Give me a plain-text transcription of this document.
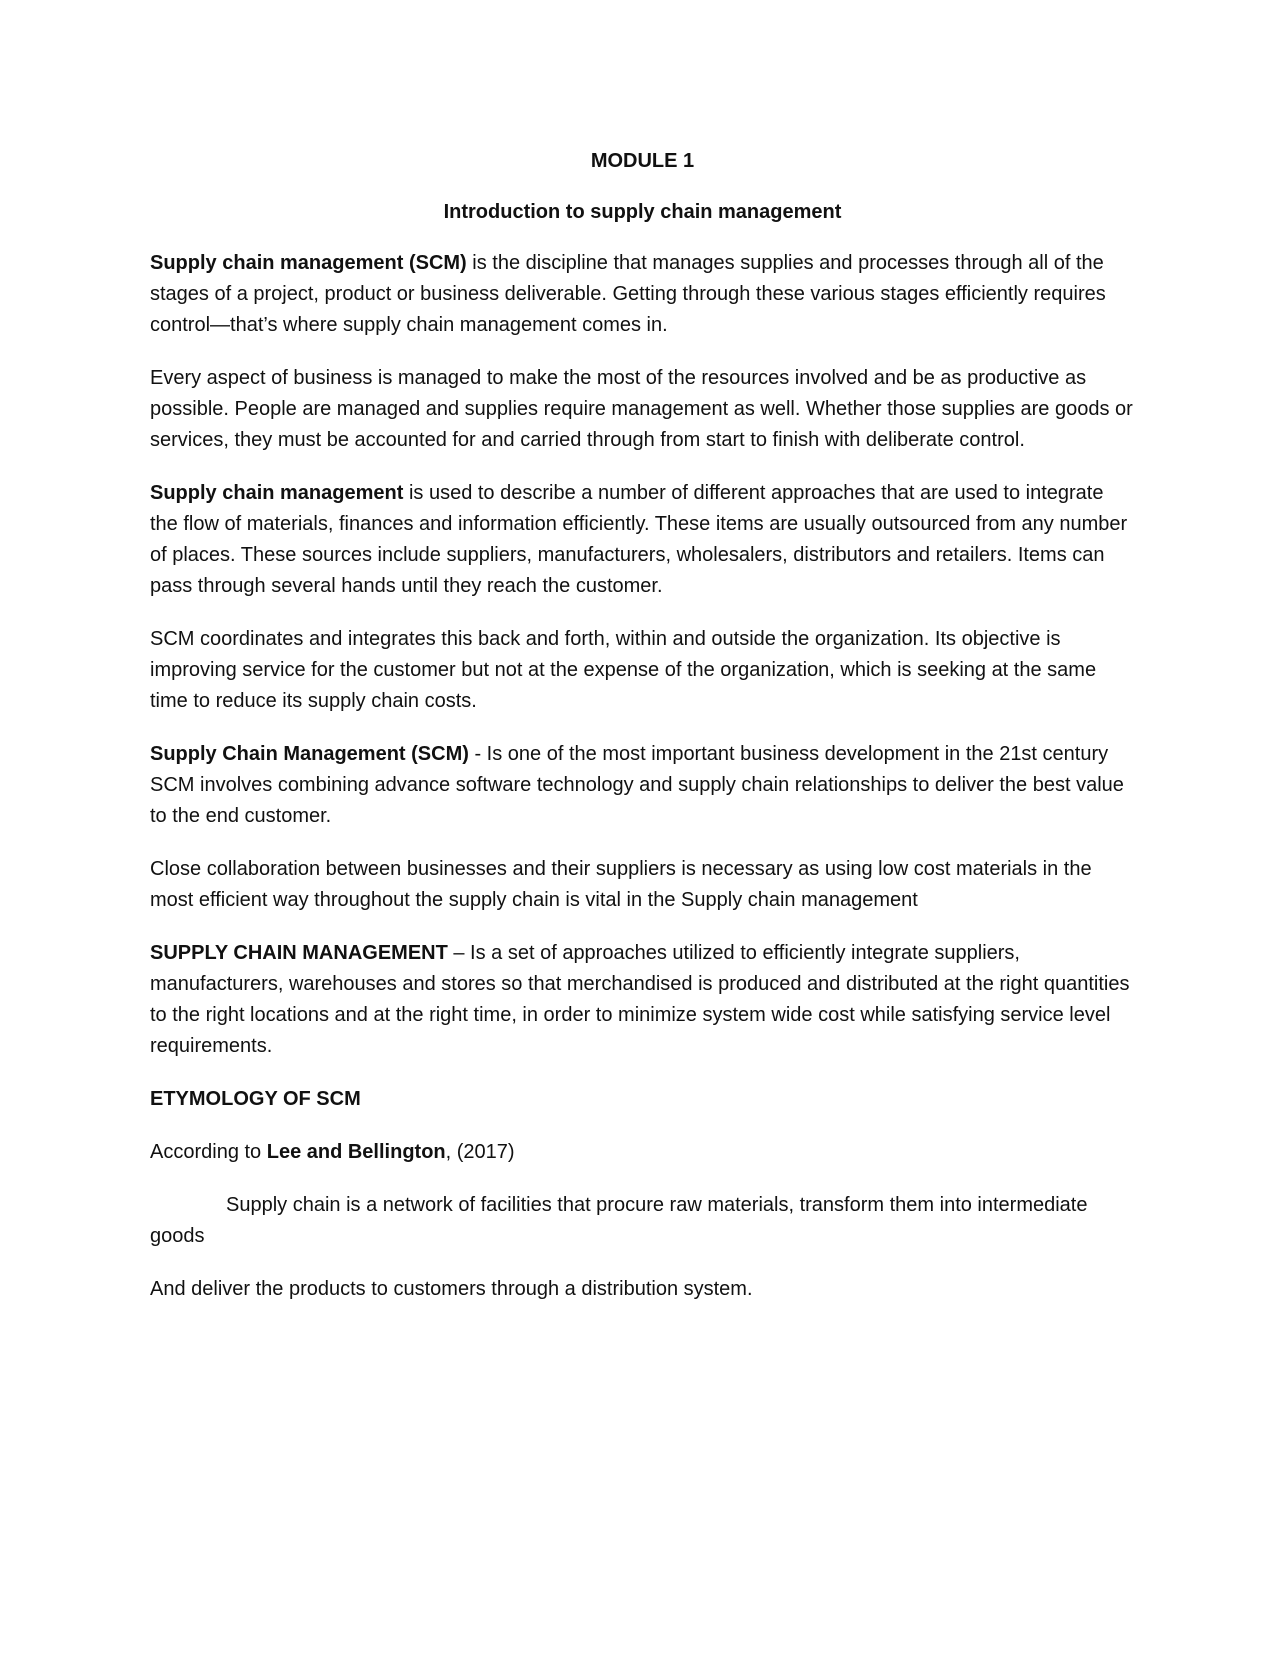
MODULE 1
Introduction to supply chain management

Supply chain management (SCM) is the discipline that manages supplies and processes through all of the stages of a project, product or business deliverable. Getting through these various stages efficiently requires control—that’s where supply chain management comes in.

Every aspect of business is managed to make the most of the resources involved and be as productive as possible. People are managed and supplies require management as well. Whether those supplies are goods or services, they must be accounted for and carried through from start to finish with deliberate control.

Supply chain management is used to describe a number of different approaches that are used to integrate the flow of materials, finances and information efficiently. These items are usually outsourced from any number of places. These sources include suppliers, manufacturers, wholesalers, distributors and retailers. Items can pass through several hands until they reach the customer.

SCM coordinates and integrates this back and forth, within and outside the organization. Its objective is improving service for the customer but not at the expense of the organization, which is seeking at the same time to reduce its supply chain costs.

Supply Chain Management (SCM) - Is one of the most important business development in the 21st century SCM involves combining advance software technology and supply chain relationships to deliver the best value to the end customer.

Close collaboration between businesses and their suppliers is necessary as using low cost materials in the most efficient way throughout the supply chain is vital in the Supply chain management

SUPPLY CHAIN MANAGEMENT – Is a set of approaches utilized to efficiently integrate suppliers, manufacturers, warehouses and stores so that merchandised is produced and distributed at the right quantities to the right locations and at the right time, in order to minimize system wide cost while satisfying service level requirements.

ETYMOLOGY OF SCM

According to Lee and Bellington, (2017)

Supply chain is a network of facilities that procure raw materials, transform them into intermediate goods

And deliver the products to customers through a distribution system.
